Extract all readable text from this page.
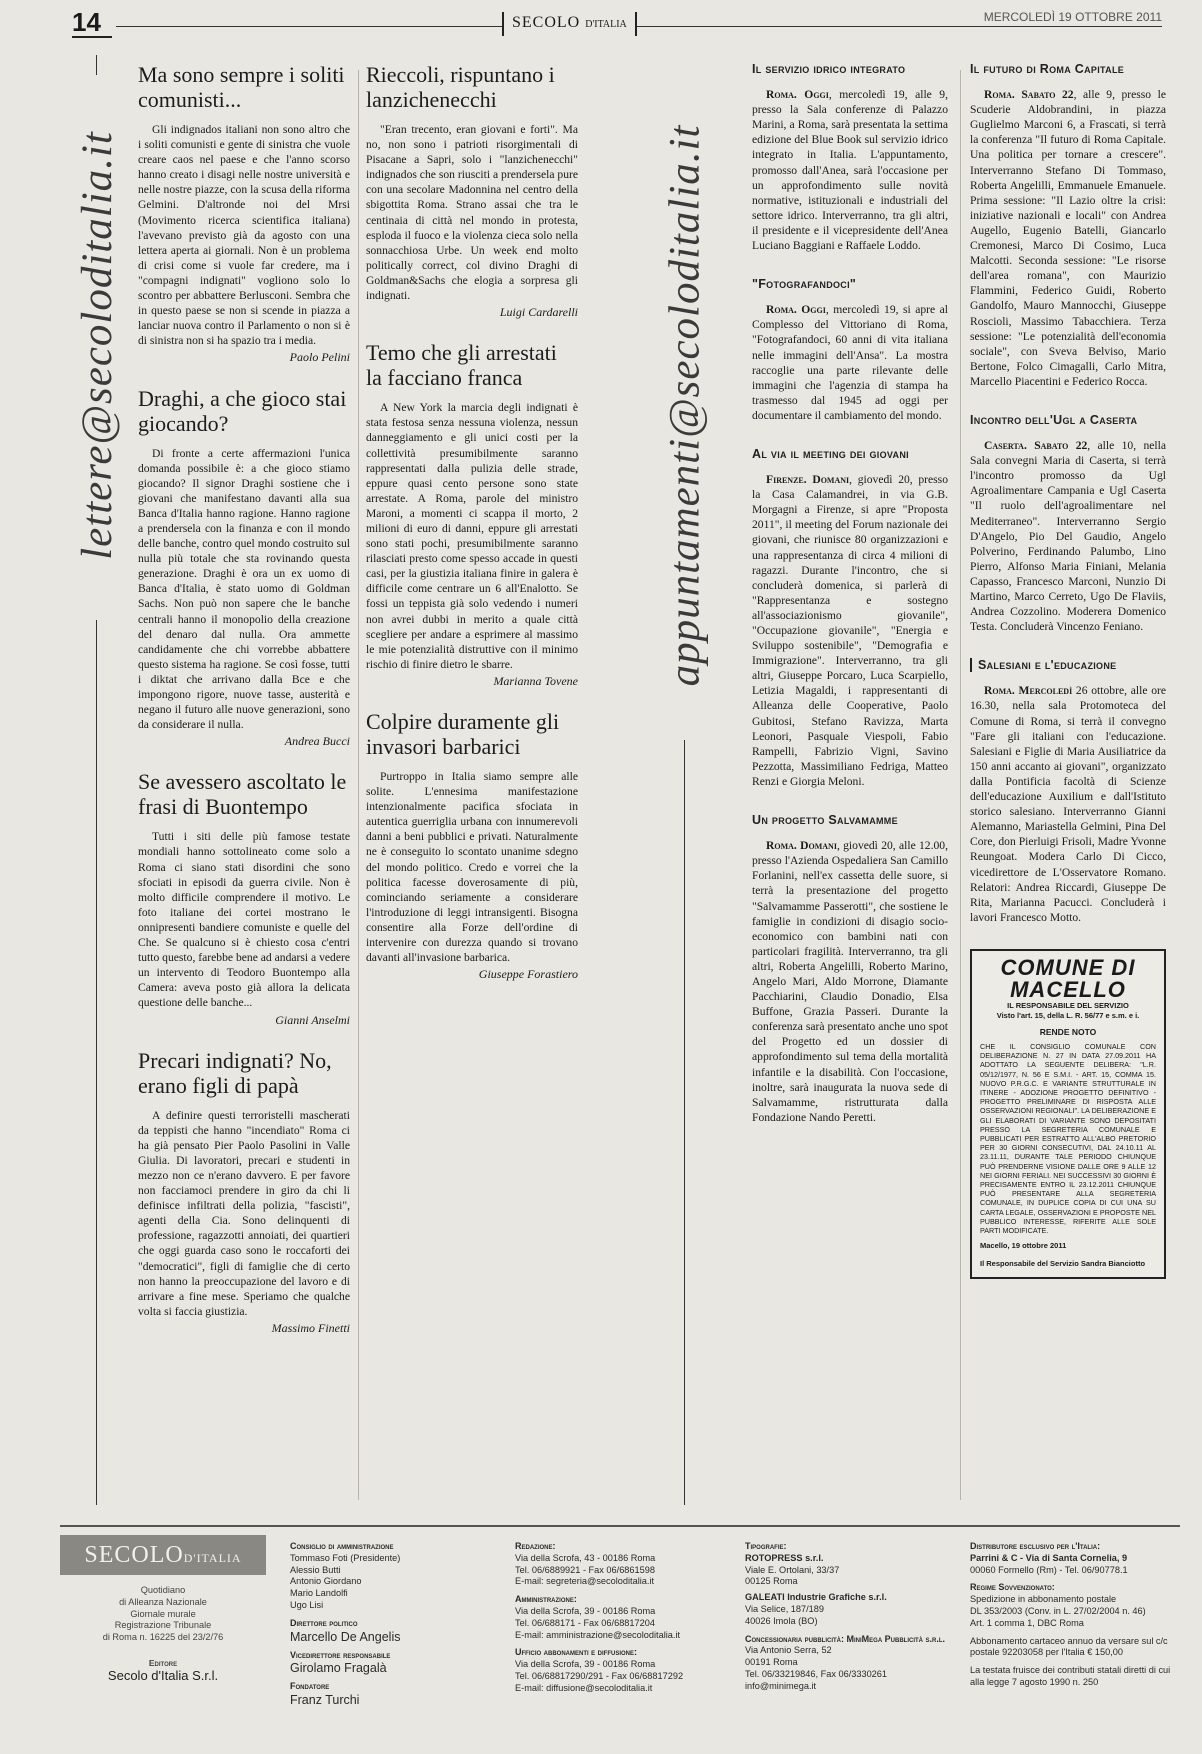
14	SECOLO D'ITALIA
MERCOLEDÌ 19 OTTOBRE 2011
lettere@secoloditalia.it	appuntamenti@secoloditalia.it
Ma sono sempre i soliti comunisti...

Gli indignados italiani non sono altro che i soliti comunisti e gente di sinistra che vuole creare caos nel paese e che l'anno scorso hanno creato i disagi nelle nostre università e nelle nostre piazze, con la scusa della riforma Gelmini. D'altronde noi del Mrsi (Movimento ricerca scientifica italiana) l'avevano previsto già da agosto con una lettera aperta ai giornali. Non è un problema di crisi come si vuole far credere, ma i "compagni indignati" vogliono solo lo scontro per abbattere Berlusconi. Sembra che in questo paese se non si scende in piazza a lanciar nuova contro il Parlamento o non si è di sinistra non si ha spazio tra i media.

Paolo Pelini
Draghi, a che gioco stai giocando?

Di fronte a certe affermazioni l'unica domanda possibile è: a che gioco stiamo giocando? Il signor Draghi sostiene che i giovani che manifestano davanti alla sua Banca d'Italia hanno ragione. Hanno ragione a prendersela con la finanza e con il mondo delle banche, contro quel mondo costruito sul nulla più totale che sta rovinando questa generazione. Draghi è ora un ex uomo di Banca d'Italia, è stato uomo di Goldman Sachs. Non può non sapere che le banche centrali hanno il monopolio della creazione del denaro dal nulla. Ora ammette candidamente che chi vorrebbe abbattere questo sistema ha ragione. Se così fosse, tutti i diktat che arrivano dalla Bce e che impongono rigore, nuove tasse, austerità e negano il futuro alle nuove generazioni, sono da considerare il nulla.

Andrea Bucci
Se avessero ascoltato le frasi di Buontempo

Tutti i siti delle più famose testate mondiali hanno sottolineato come solo a Roma ci siano stati disordini che sono sfociati in episodi da guerra civile. Non è molto difficile comprendere il motivo. Le foto italiane dei cortei mostrano le onnipresenti bandiere comuniste e quelle del Che. Se qualcuno si è chiesto cosa c'entri tutto questo, farebbe bene ad andarsi a vedere un intervento di Teodoro Buontempo alla Camera: aveva posto già allora la delicata questione delle banche...

Gianni Anselmi
Precari indignati? No, erano figli di papà

A definire questi terroristelli mascherati da teppisti che hanno "incendiato" Roma ci ha già pensato Pier Paolo Pasolini in Valle Giulia. Di lavoratori, precari e studenti in mezzo non ce n'erano davvero. E per favore non facciamoci prendere in giro da chi li definisce infiltrati della polizia, "fascisti", agenti della Cia. Sono delinquenti di professione, ragazzotti annoiati, dei quartieri che oggi guarda caso sono le roccaforti dei "democratici", figli di famiglie che di certo non hanno la preoccupazione del lavoro e di arrivare a fine mese. Speriamo che qualche volta si faccia giustizia.

Massimo Finetti
Rieccoli, rispuntano i lanzichenecchi

"Eran trecento, eran giovani e forti". Ma no, non sono i patrioti risorgimentali di Pisacane a Sapri, solo i "lanzichenecchi" indignados che son riusciti a prendersela pure con una secolare Madonnina nel centro della sbigottita Roma. Strano assai che tra le centinaia di città nel mondo in protesta, esploda il fuoco e la violenza cieca solo nella sonnacchiosa Urbe. Un week end molto politically correct, col divino Draghi di Goldman&Sachs che elogia a sorpresa gli indignati.

Luigi Cardarelli
Temo che gli arrestati la facciano franca

A New York la marcia degli indignati è stata festosa senza nessuna violenza, nessun danneggiamento e gli unici costi per la collettività presumibilmente saranno rappresentati dalla pulizia delle strade, eppure quasi cento persone sono state arrestate. A Roma, parole del ministro Maroni, a momenti ci scappa il morto, 2 milioni di euro di danni, eppure gli arrestati sono stati pochi, presumibilmente saranno rilasciati presto come spesso accade in questi casi, per la giustizia italiana finire in galera è difficile come centrare un 6 all'Enalotto. Se fossi un teppista già solo vedendo i numeri non avrei dubbi in merito a quale città scegliere per andare a esprimere al massimo le mie potenzialità distruttive con il minimo rischio di finire dietro le sbarre.

Marianna Tovene
Colpire duramente gli invasori barbarici

Purtroppo in Italia siamo sempre alle solite. L'ennesima manifestazione intenzionalmente pacifica sfociata in autentica guerriglia urbana con innumerevoli danni a beni pubblici e privati. Naturalmente ne è conseguito lo scontato unanime sdegno del mondo politico. Credo e vorrei che la politica facesse doverosamente di più, cominciando seriamente a considerare l'introduzione di leggi intransigenti. Bisogna consentire alla Forze dell'ordine di intervenire con durezza quando si trovano davanti all'invasione barbarica.

Giuseppe Forastiero
Il servizio idrico integrato

Roma. Oggi, mercoledì 19, alle 9, presso la Sala conferenze di Palazzo Marini, a Roma, sarà presentata la settima edizione del Blue Book sul servizio idrico integrato in Italia. L'appuntamento, promosso dall'Anea, sarà l'occasione per un approfondimento sulle novità normative, istituzionali e industriali del settore idrico. Interverranno, tra gli altri, il presidente e il vicepresidente dell'Anea Luciano Baggiani e Raffaele Loddo.

"Fotografandoci"

Roma. Oggi, mercoledì 19, si apre al Complesso del Vittoriano di Roma, "Fotografandoci, 60 anni di vita italiana nelle immagini dell'Ansa". La mostra raccoglie una parte rilevante delle immagini che l'agenzia di stampa ha trasmesso dal 1945 ad oggi per documentare il cambiamento del mondo.

Al via il meeting dei giovani

Firenze. Domani, giovedì 20, presso la Casa Calamandrei, in via G.B. Morgagni a Firenze, si apre "Proposta 2011", il meeting del Forum nazionale dei giovani, che riunisce 80 organizzazioni e una rappresentanza di circa 4 milioni di ragazzi. Durante l'incontro, che si concluderà domenica, si parlerà di "Rappresentanza e sostegno all'associazionismo giovanile", "Occupazione giovanile", "Energia e Sviluppo sostenibile", "Demografia e Immigrazione". Interverranno, tra gli altri, Giuseppe Porcaro, Luca Scarpiello, Letizia Magaldi, i rappresentanti di Alleanza delle Cooperative, Paolo Gubitosi, Stefano Ravizza, Marta Leonori, Pasquale Viespoli, Fabio Rampelli, Fabrizio Vigni, Savino Pezzotta, Massimiliano Fedriga, Matteo Renzi e Giorgia Meloni.

Un progetto Salvamamme

Roma. Domani, giovedì 20, alle 12.00, presso l'Azienda Ospedaliera San Camillo Forlanini, nell'ex cassetta delle suore, si terrà la presentazione del progetto "Salvamamme Passerotti", che sostiene le famiglie in condizioni di disagio socio-economico con bambini nati con particolari fragilità. Interverranno, tra gli altri, Roberta Angelilli, Roberto Marino, Angelo Mari, Aldo Morrone, Diamante Pacchiarini, Claudio Donadio, Elsa Buffone, Grazia Passeri. Durante la conferenza sarà presentato anche uno spot del Progetto ed un dossier di approfondimento sul tema della mortalità infantile e la disabilità. Con l'occasione, inoltre, sarà inaugurata la nuova sede di Salvamamme, ristrutturata dalla Fondazione Nando Peretti.

Il futuro di Roma Capitale

Roma. Sabato 22, alle 9, presso le Scuderie Aldobrandini, in piazza Guglielmo Marconi 6, a Frascati, si terrà la conferenza "Il futuro di Roma Capitale. Una politica per tornare a crescere". Interverranno Stefano Di Tommaso, Roberta Angelilli, Emmanuele Emanuele. Prima sessione: "Il Lazio oltre la crisi: iniziative nazionali e locali" con Andrea Augello, Eugenio Batelli, Giancarlo Cremonesi, Marco Di Cosimo, Luca Malcotti. Seconda sessione: "Le risorse dell'area romana", con Maurizio Flammini, Federico Guidi, Roberto Gandolfo, Mauro Mannocchi, Giuseppe Roscioli, Massimo Tabacchiera. Terza sessione: "Le potenzialità dell'economia sociale", con Sveva Belviso, Mario Bertone, Folco Cimagalli, Carlo Mitra, Marcello Piacentini e Federico Rocca.

Incontro dell'Ugl a Caserta

Caserta. Sabato 22, alle 10, nella Sala convegni Maria di Caserta, si terrà l'incontro promosso da Ugl Agroalimentare Campania e Ugl Caserta "Il ruolo dell'agroalimentare nel Mediterraneo". Interverranno Sergio D'Angelo, Pio Del Gaudio, Angelo Polverino, Ferdinando Palumbo, Lino Pierro, Alfonso Maria Finiani, Melania Capasso, Francesco Marconi, Nunzio Di Martino, Marco Cerreto, Ugo De Flaviis, Andrea Cozzolino. Moderera Domenico Testa. Concluderà Vincenzo Feniano.

Salesiani e l'educazione

Roma. Mercoledì 26 ottobre, alle ore 16.30, nella sala Protomoteca del Comune di Roma, si terrà il convegno "Fare gli italiani con l'educazione. Salesiani e Figlie di Maria Ausiliatrice da 150 anni accanto ai giovani", organizzato dalla Pontificia facoltà di Scienze dell'educazione Auxilium e dall'Istituto storico salesiano. Interverranno Gianni Alemanno, Mariastella Gelmini, Pina Del Core, don Pierluigi Frisoli, Madre Yvonne Reungoat. Modera Carlo Di Cicco, vicedirettore de L'Osservatore Romano. Relatori: Andrea Riccardi, Giuseppe De Rita, Marianna Pacucci. Concluderà i lavori Francesco Motto.

COMUNE DI
MACELLO
IL RESPONSABILE DEL SERVIZIO
Visto l'art. 15, della L. R. 56/77 e s.m. e i.
RENDE NOTO
CHE IL CONSIGLIO COMUNALE CON DELIBERAZIONE N. 27 IN DATA 27.09.2011 HA ADOTTATO LA SEGUENTE DELIBERA: "L.R. 05/12/1977, N. 56 E S.M.I. - ART. 15, COMMA 15. NUOVO P.R.G.C. E VARIANTE STRUTTURALE IN ITINERE - ADOZIONE PROGETTO DEFINITIVO - PROGETTO PRELIMINARE DI RISPOSTA ALLE OSSERVAZIONI REGIONALI". LA DELIBERAZIONE E GLI ELABORATI DI VARIANTE SONO DEPOSITATI PRESSO LA SEGRETERIA COMUNALE E PUBBLICATI PER ESTRATTO ALL'ALBO PRETORIO PER 30 GIORNI CONSECUTIVI, DAL 24.10.11 AL 23.11.11, DURANTE TALE PERIODO CHIUNQUE PUÒ PRENDERNE VISIONE DALLE ORE 9 ALLE 12 NEI GIORNI FERIALI. NEI SUCCESSIVI 30 GIORNI È PRECISAMENTE ENTRO IL 23.12.2011 CHIUNQUE PUÒ PRESENTARE ALLA SEGRETERIA COMUNALE, IN DUPLICE COPIA DI CUI UNA SU CARTA LEGALE, OSSERVAZIONI E PROPOSTE NEL PUBBLICO INTERESSE, RIFERITE ALLE SOLE PARTI MODIFICATE.
Macello, 19 ottobre 2011
Il Responsabile del Servizio Sandra Bianciotto
SECOLOD'ITALIA
Quotidiano
di Alleanza Nazionale
Giornale murale
Registrazione Tribunale
di Roma n. 16225 del 23/2/76
Editore
Secolo d'Italia S.r.l.
Consiglio di amministrazione
Tommaso Foti (Presidente)
Alessio Butti
Antonio Giordano
Mario Landolfi
Ugo Lisi
Direttore politico
Marcello De Angelis
Vicedirettore responsabile
Girolamo Fragalà
Fondatore
Franz Turchi
Redazione:
Via della Scrofa, 43 - 00186 Roma
Tel. 06/6889921 - Fax 06/6861598
E-mail: segreteria@secoloditalia.it
Amministrazione:
Via della Scrofa, 39 - 00186 Roma
Tel. 06/688171 - Fax 06/68817204
E-mail: amministrazione@secoloditalia.it
Ufficio abbonamenti e diffusione:
Via della Scrofa, 39 - 00186 Roma
Tel. 06/68817290/291 - Fax 06/68817292
E-mail: diffusione@secoloditalia.it
Tipografie:
ROTOPRESS s.r.l.
Viale E. Ortolani, 33/37
00125 Roma
GALEATI Industrie Grafiche s.r.l.
Via Selice, 187/189
40026 Imola (BO)
Concessionaria pubblicità: MiniMega Pubblicità s.r.l.
Via Antonio Serra, 52
00191 Roma
Tel. 06/33219846, Fax 06/3330261
info@minimega.it
Distributore esclusivo per l'Italia:
Parrini & C - Via di Santa Cornelia, 9
00060 Formello (Rm) - Tel. 06/90778.1
Regime Sovvenzionato:
Spedizione in abbonamento postale
DL 353/2003 (Conv. in L. 27/02/2004 n. 46)
Art. 1 comma 1, DBC Roma
Abbonamento cartaceo annuo da versare sul c/c postale 92203058 per l'Italia € 150,00
La testata fruisce dei contributi statali diretti di cui alla legge 7 agosto 1990 n. 250
